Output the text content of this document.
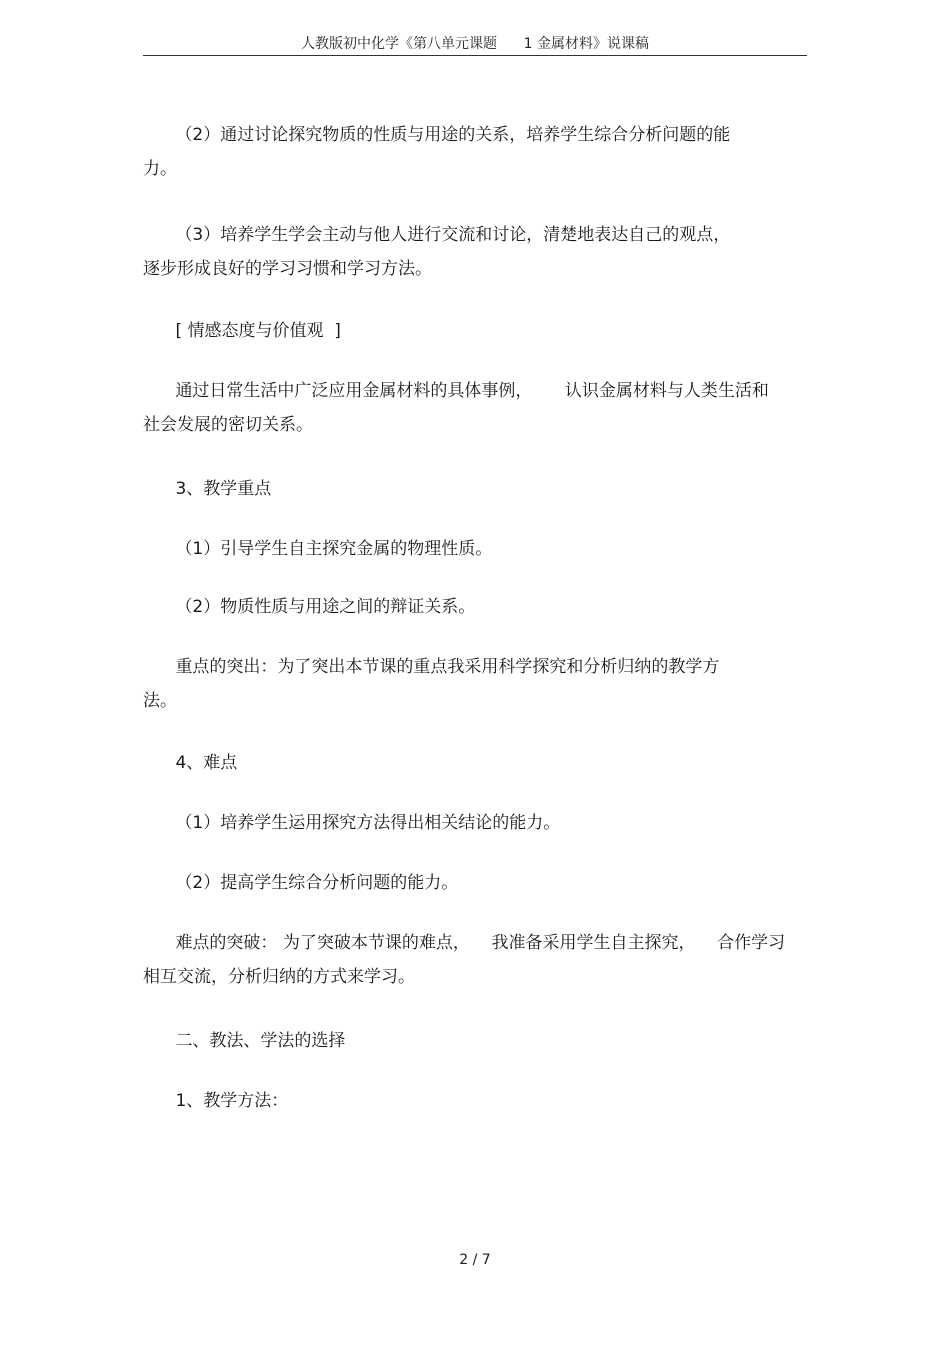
人教版初中化学《第八单元课题      1 金属材料》说课稿
（2）通过讨论探究物质的性质与用途的关系，培养学生综合分析问题的能
力。
（3）培养学生学会主动与他人进行交流和讨论，清楚地表达自己的观点，
逐步形成良好的学习习惯和学习方法。
[ 情感态度与价值观  ]
通过日常生活中广泛应用金属材料的具体事例，      认识金属材料与人类生活和
社会发展的密切关系。
3、教学重点
（1）引导学生自主探究金属的物理性质。
（2）物质性质与用途之间的辩证关系。
重点的突出：为了突出本节课的重点我采用科学探究和分析归纳的教学方
法。
4、难点
（1）培养学生运用探究方法得出相关结论的能力。
（2）提高学生综合分析问题的能力。
难点的突破： 为了突破本节课的难点，    我准备采用学生自主探究，    合作学习
相互交流，分析归纳的方式来学习。
二、教法、学法的选择
1、教学方法：
2 / 7
